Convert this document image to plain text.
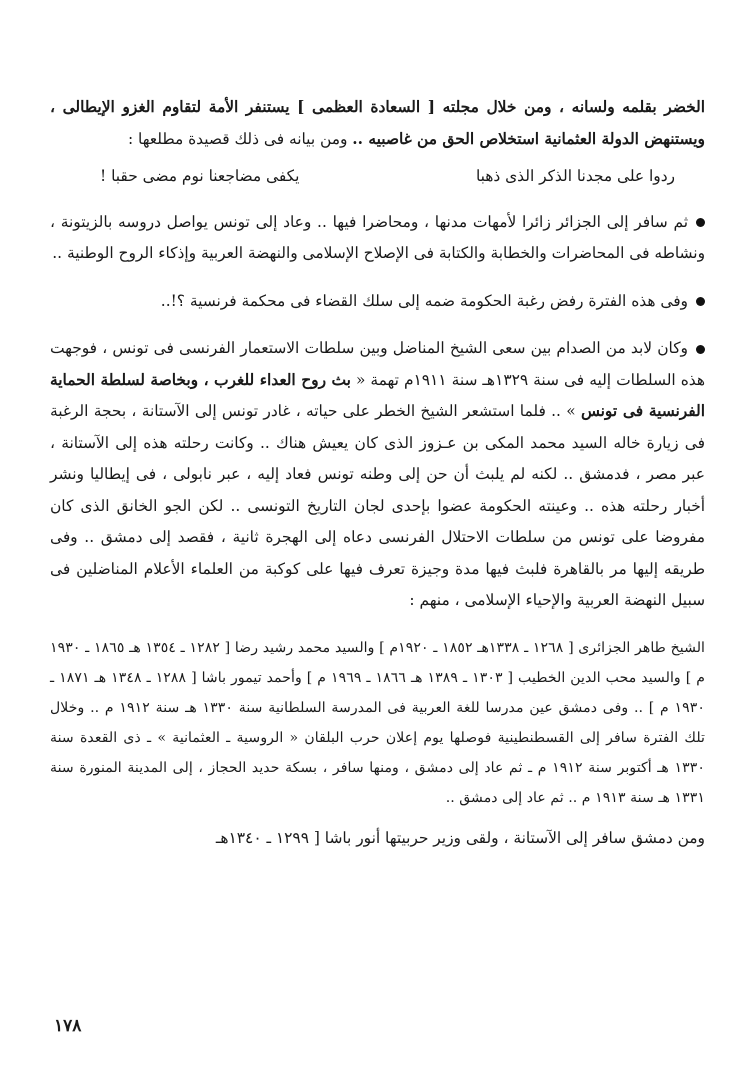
الخضر بقلمه ولسانه ، ومن خلال مجلته [ السعادة العظمى ] يستنفر الأمة لتقاوم الغزو الإيطالى ، ويستنهض الدولة العثمانية استخلاص الحق من غاصبيه .. ومن بيانه فى ذلك قصيدة مطلعها :

ردوا على مجدنا الذكر الذى ذهبا
يكفى مضاجعنا نوم مضى حقبا !

ثم سافر إلى الجزائر زائرا لأمهات مدنها ، ومحاضرا فيها .. وعاد إلى تونس يواصل دروسه بالزيتونة ، ونشاطه فى المحاضرات والخطابة والكتابة فى الإصلاح الإسلامى والنهضة العربية وإذكاء الروح الوطنية ..

وفى هذه الفترة رفض رغبة الحكومة ضمه إلى سلك القضاء فى محكمة فرنسية ؟!..

وكان لابد من الصدام بين سعى الشيخ المناضل وبين سلطات الاستعمار الفرنسى فى تونس ، فوجهت هذه السلطات إليه فى سنة ١٣٢٩هـ سنة ١٩١١م تهمة « بث روح العداء للغرب ، وبخاصة لسلطة الحماية الفرنسية فى تونس » .. فلما استشعر الشيخ الخطر على حياته ، غادر تونس إلى الآستانة ، بحجة الرغبة فى زيارة خاله السيد محمد المكى بن عـزوز الذى كان يعيش هناك .. وكانت رحلته هذه إلى الآستانة ، عبر مصر ، فدمشق .. لكنه لم يلبث أن حن إلى وطنه تونس فعاد إليه ، عبر نابولى ، فى إيطاليا ونشر أخبار رحلته هذه .. وعينته الحكومة عضوا بإحدى لجان التاريخ التونسى .. لكن الجو الخانق الذى كان مفروضا على تونس من سلطات الاحتلال الفرنسى دعاه إلى الهجرة ثانية ، فقصد إلى دمشق .. وفى طريقه إليها مر بالقاهرة فلبث فيها مدة وجيزة تعرف فيها على كوكبة من العلماء الأعلام المناضلين فى سبيل النهضة العربية والإحياء الإسلامى ، منهم :

الشيخ طاهر الجزائرى [ ١٢٦٨ ـ ١٣٣٨هـ ١٨٥٢ ـ ١٩٢٠م ] والسيد محمد رشيد رضا [ ١٢٨٢ ـ ١٣٥٤ هـ ١٨٦٥ ـ ١٩٣٠ م ] والسيد محب الدين الخطيب [ ١٣٠٣ ـ ١٣٨٩ هـ ١٨٦٦ ـ ١٩٦٩ م ] وأحمد تيمور باشا [ ١٢٨٨ ـ ١٣٤٨ هـ ١٨٧١ ـ ١٩٣٠ م ] .. وفى دمشق عين مدرسا للغة العربية فى المدرسة السلطانية سنة ١٣٣٠ هـ سنة ١٩١٢ م .. وخلال تلك الفترة سافر إلى القسطنطينية فوصلها يوم إعلان حرب البلقان « الروسية ـ العثمانية » ـ ذى القعدة سنة ١٣٣٠ هـ أكتوبر سنة ١٩١٢ م ـ ثم عاد إلى دمشق ، ومنها سافر ، بسكة حديد الحجاز ، إلى المدينة المنورة سنة ١٣٣١ هـ سنة ١٩١٣ م .. ثم عاد إلى دمشق ..

ومن دمشق سافر إلى الآستانة ، ولقى وزير حربيتها أنور باشا [ ١٢٩٩ ـ ١٣٤٠هـ

١٧٨
